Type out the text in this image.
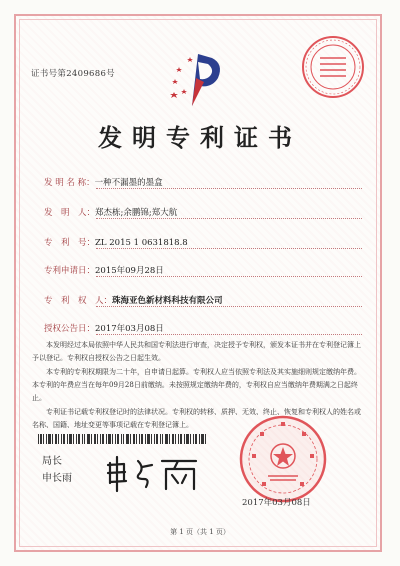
证书号第2409686号
发明专利证书
发 明 名 称：一种不漏墨的墨盒
发　明　人：郑杰栋;余鹏锦;郑大航
专　利　号：ZL 2015 1 0631818.8
专利申请日：2015年09月28日
专　利　权　人：珠海亚色新材料科技有限公司
授权公告日：2017年03月08日
本发明经过本局依照中华人民共和国专利法进行审查，决定授予专利权，颁发本证书并在专利登记簿上予以登记。专利权自授权公告之日起生效。
本专利的专利权期限为二十年，自申请日起算。专利权人应当依照专利法及其实施细则规定缴纳年费。本专利的年费应当在每年09月28日前缴纳。未按照规定缴纳年费的，专利权自应当缴纳年费期满之日起终止。
专利证书记载专利权登记时的法律状况。专利权的转移、质押、无效、终止、恢复和专利权人的姓名或名称、国籍、地址变更等事项记载在专利登记簿上。
局长
申长雨
2017年03月08日
第 1 页（共 1 页）
